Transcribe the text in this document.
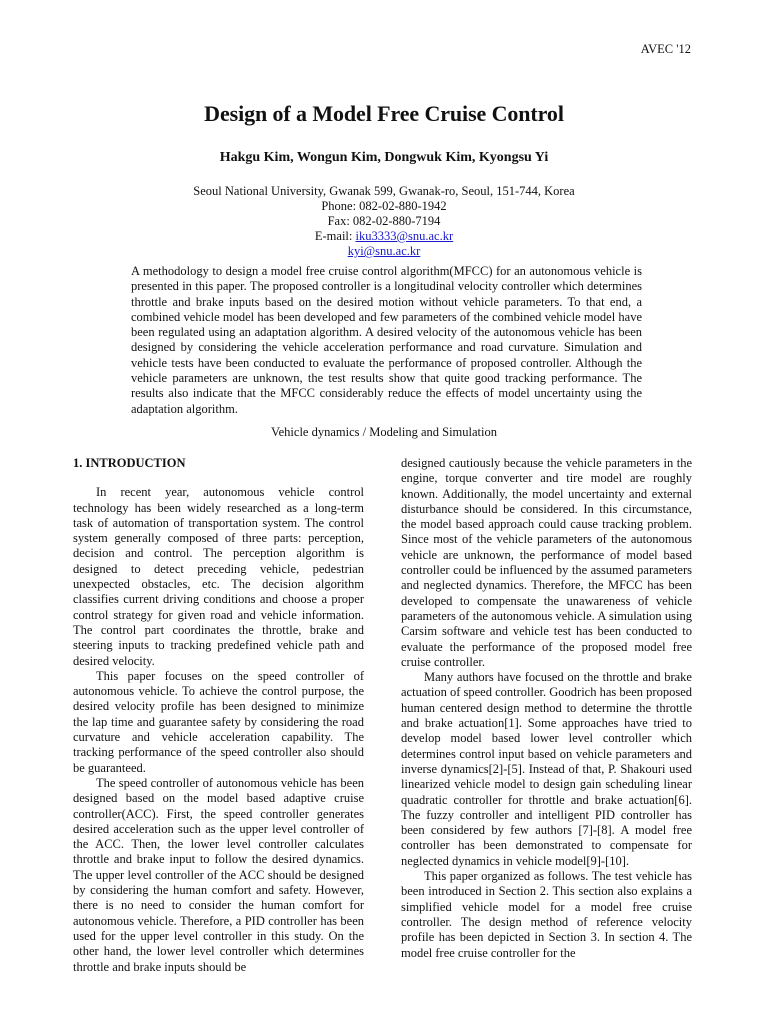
AVEC '12
Design of a Model Free Cruise Control
Hakgu Kim, Wongun Kim, Dongwuk Kim, Kyongsu Yi
Seoul National University, Gwanak 599, Gwanak-ro, Seoul, 151-744, Korea
Phone: 082-02-880-1942
Fax: 082-02-880-7194
E-mail: iku3333@snu.ac.kr
kyi@snu.ac.kr
A methodology to design a model free cruise control algorithm(MFCC) for an autonomous vehicle is presented in this paper. The proposed controller is a longitudinal velocity controller which determines throttle and brake inputs based on the desired motion without vehicle parameters. To that end, a combined vehicle model has been developed and few parameters of the combined vehicle model have been regulated using an adaptation algorithm. A desired velocity of the autonomous vehicle has been designed by considering the vehicle acceleration performance and road curvature. Simulation and vehicle tests have been conducted to evaluate the performance of proposed controller. Although the vehicle parameters are unknown, the test results show that quite good tracking performance. The results also indicate that the MFCC considerably reduce the effects of model uncertainty using the adaptation algorithm.
Vehicle dynamics / Modeling and Simulation
1. INTRODUCTION

In recent year, autonomous vehicle control technology has been widely researched as a long-term task of automation of transportation system. The control system generally composed of three parts: perception, decision and control. The perception algorithm is designed to detect preceding vehicle, pedestrian unexpected obstacles, etc. The decision algorithm classifies current driving conditions and choose a proper control strategy for given road and vehicle information. The control part coordinates the throttle, brake and steering inputs to tracking predefined vehicle path and desired velocity.

This paper focuses on the speed controller of autonomous vehicle. To achieve the control purpose, the desired velocity profile has been designed to minimize the lap time and guarantee safety by considering the road curvature and vehicle acceleration capability. The tracking performance of the speed controller also should be guaranteed.

The speed controller of autonomous vehicle has been designed based on the model based adaptive cruise controller(ACC). First, the speed controller generates desired acceleration such as the upper level controller of the ACC. Then, the lower level controller calculates throttle and brake input to follow the desired dynamics. The upper level controller of the ACC should be designed by considering the human comfort and safety. However, there is no need to consider the human comfort for autonomous vehicle. Therefore, a PID controller has been used for the upper level controller in this study. On the other hand, the lower level controller which determines throttle and brake inputs should be

designed cautiously because the vehicle parameters in the engine, torque converter and tire model are roughly known. Additionally, the model uncertainty and external disturbance should be considered. In this circumstance, the model based approach could cause tracking problem. Since most of the vehicle parameters of the autonomous vehicle are unknown, the performance of model based controller could be influenced by the assumed parameters and neglected dynamics. Therefore, the MFCC has been developed to compensate the unawareness of vehicle parameters of the autonomous vehicle. A simulation using Carsim software and vehicle test has been conducted to evaluate the performance of the proposed model free cruise controller.

Many authors have focused on the throttle and brake actuation of speed controller. Goodrich has been proposed human centered design method to determine the throttle and brake actuation[1]. Some approaches have tried to develop model based lower level controller which determines control input based on vehicle parameters and inverse dynamics[2]-[5]. Instead of that, P. Shakouri used linearized vehicle model to design gain scheduling linear quadratic controller for throttle and brake actuation[6]. The fuzzy controller and intelligent PID controller has been considered by few authors [7]-[8]. A model free controller has been demonstrated to compensate for neglected dynamics in vehicle model[9]-[10].

This paper organized as follows. The test vehicle has been introduced in Section 2. This section also explains a simplified vehicle model for a model free cruise controller. The design method of reference velocity profile has been depicted in Section 3. In section 4. The model free cruise controller for the
